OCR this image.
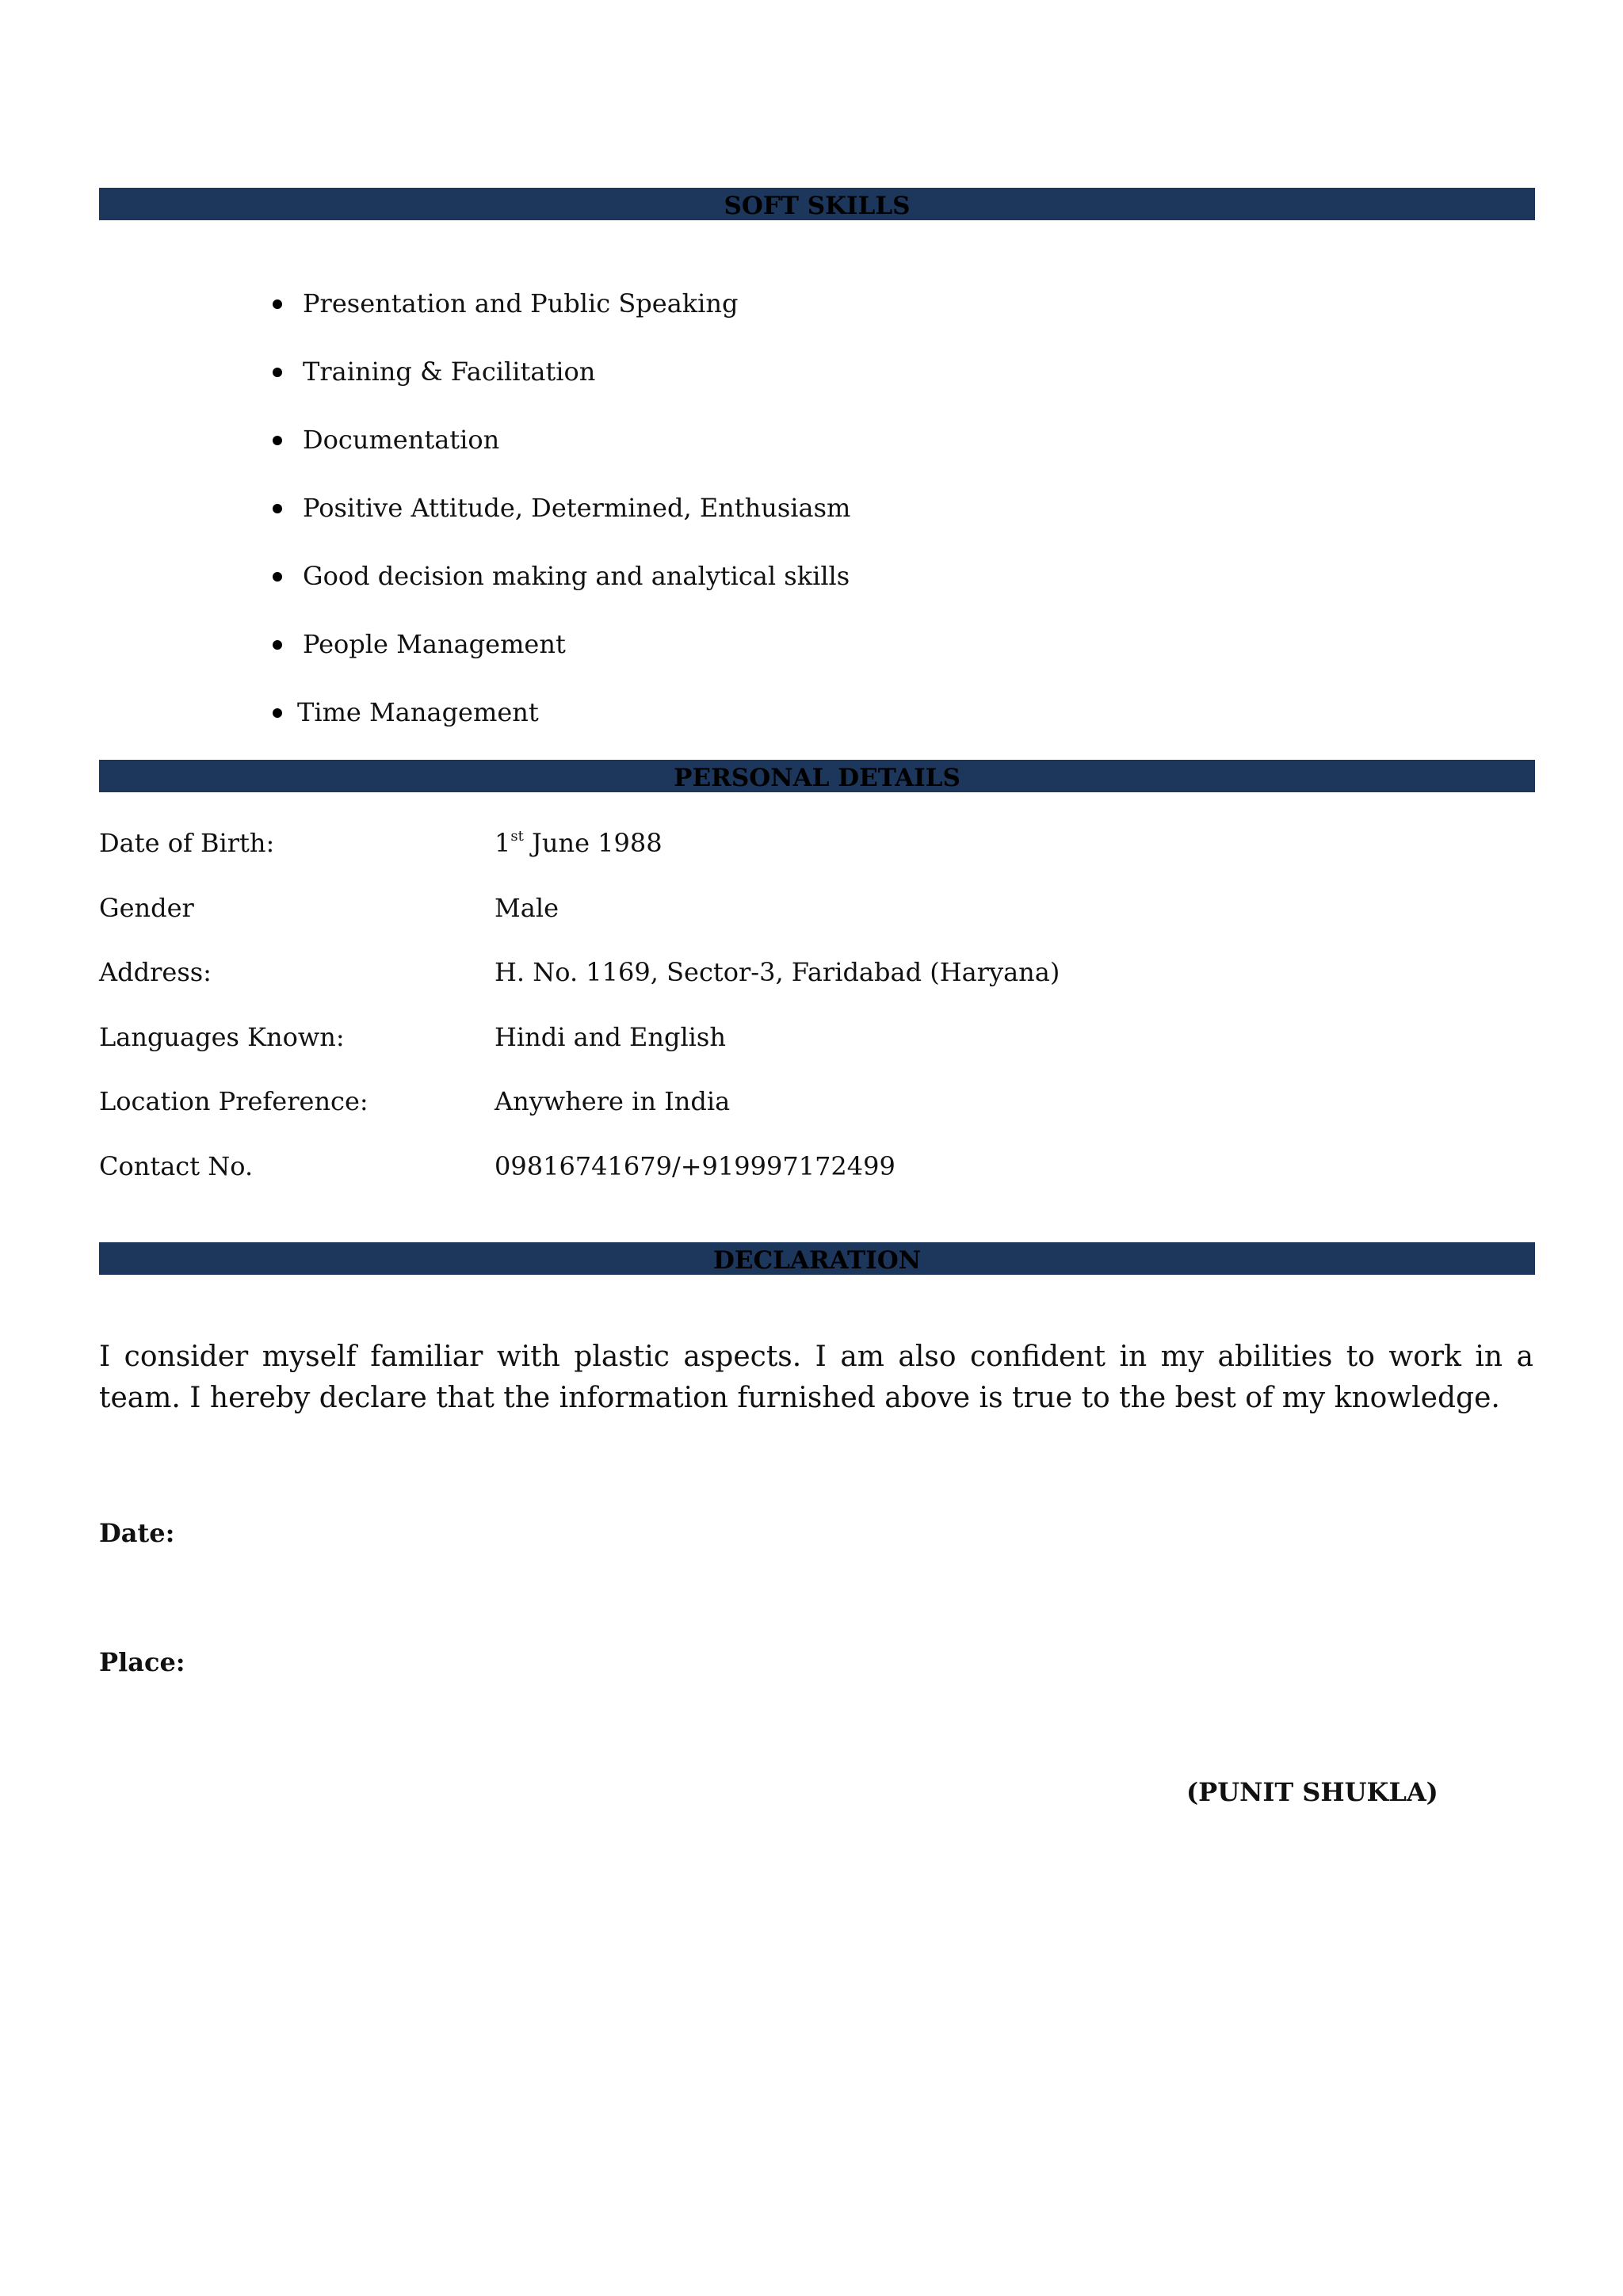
SOFT SKILLS
Presentation and Public Speaking
Training & Facilitation
Documentation
Positive Attitude, Determined, Enthusiasm
Good decision making and analytical skills
People Management
Time Management
PERSONAL DETAILS
Date of Birth:	1st June 1988
Gender	Male
Address:	H. No. 1169, Sector-3, Faridabad (Haryana)
Languages Known:	Hindi and English
Location Preference:	Anywhere in India
Contact No.	09816741679/+919997172499
DECLARATION

I consider myself familiar with plastic aspects. I am also confident in my abilities to work in a team. I hereby declare that the information furnished above is true to the best of my knowledge.

Date:
Place:
(PUNIT SHUKLA)
